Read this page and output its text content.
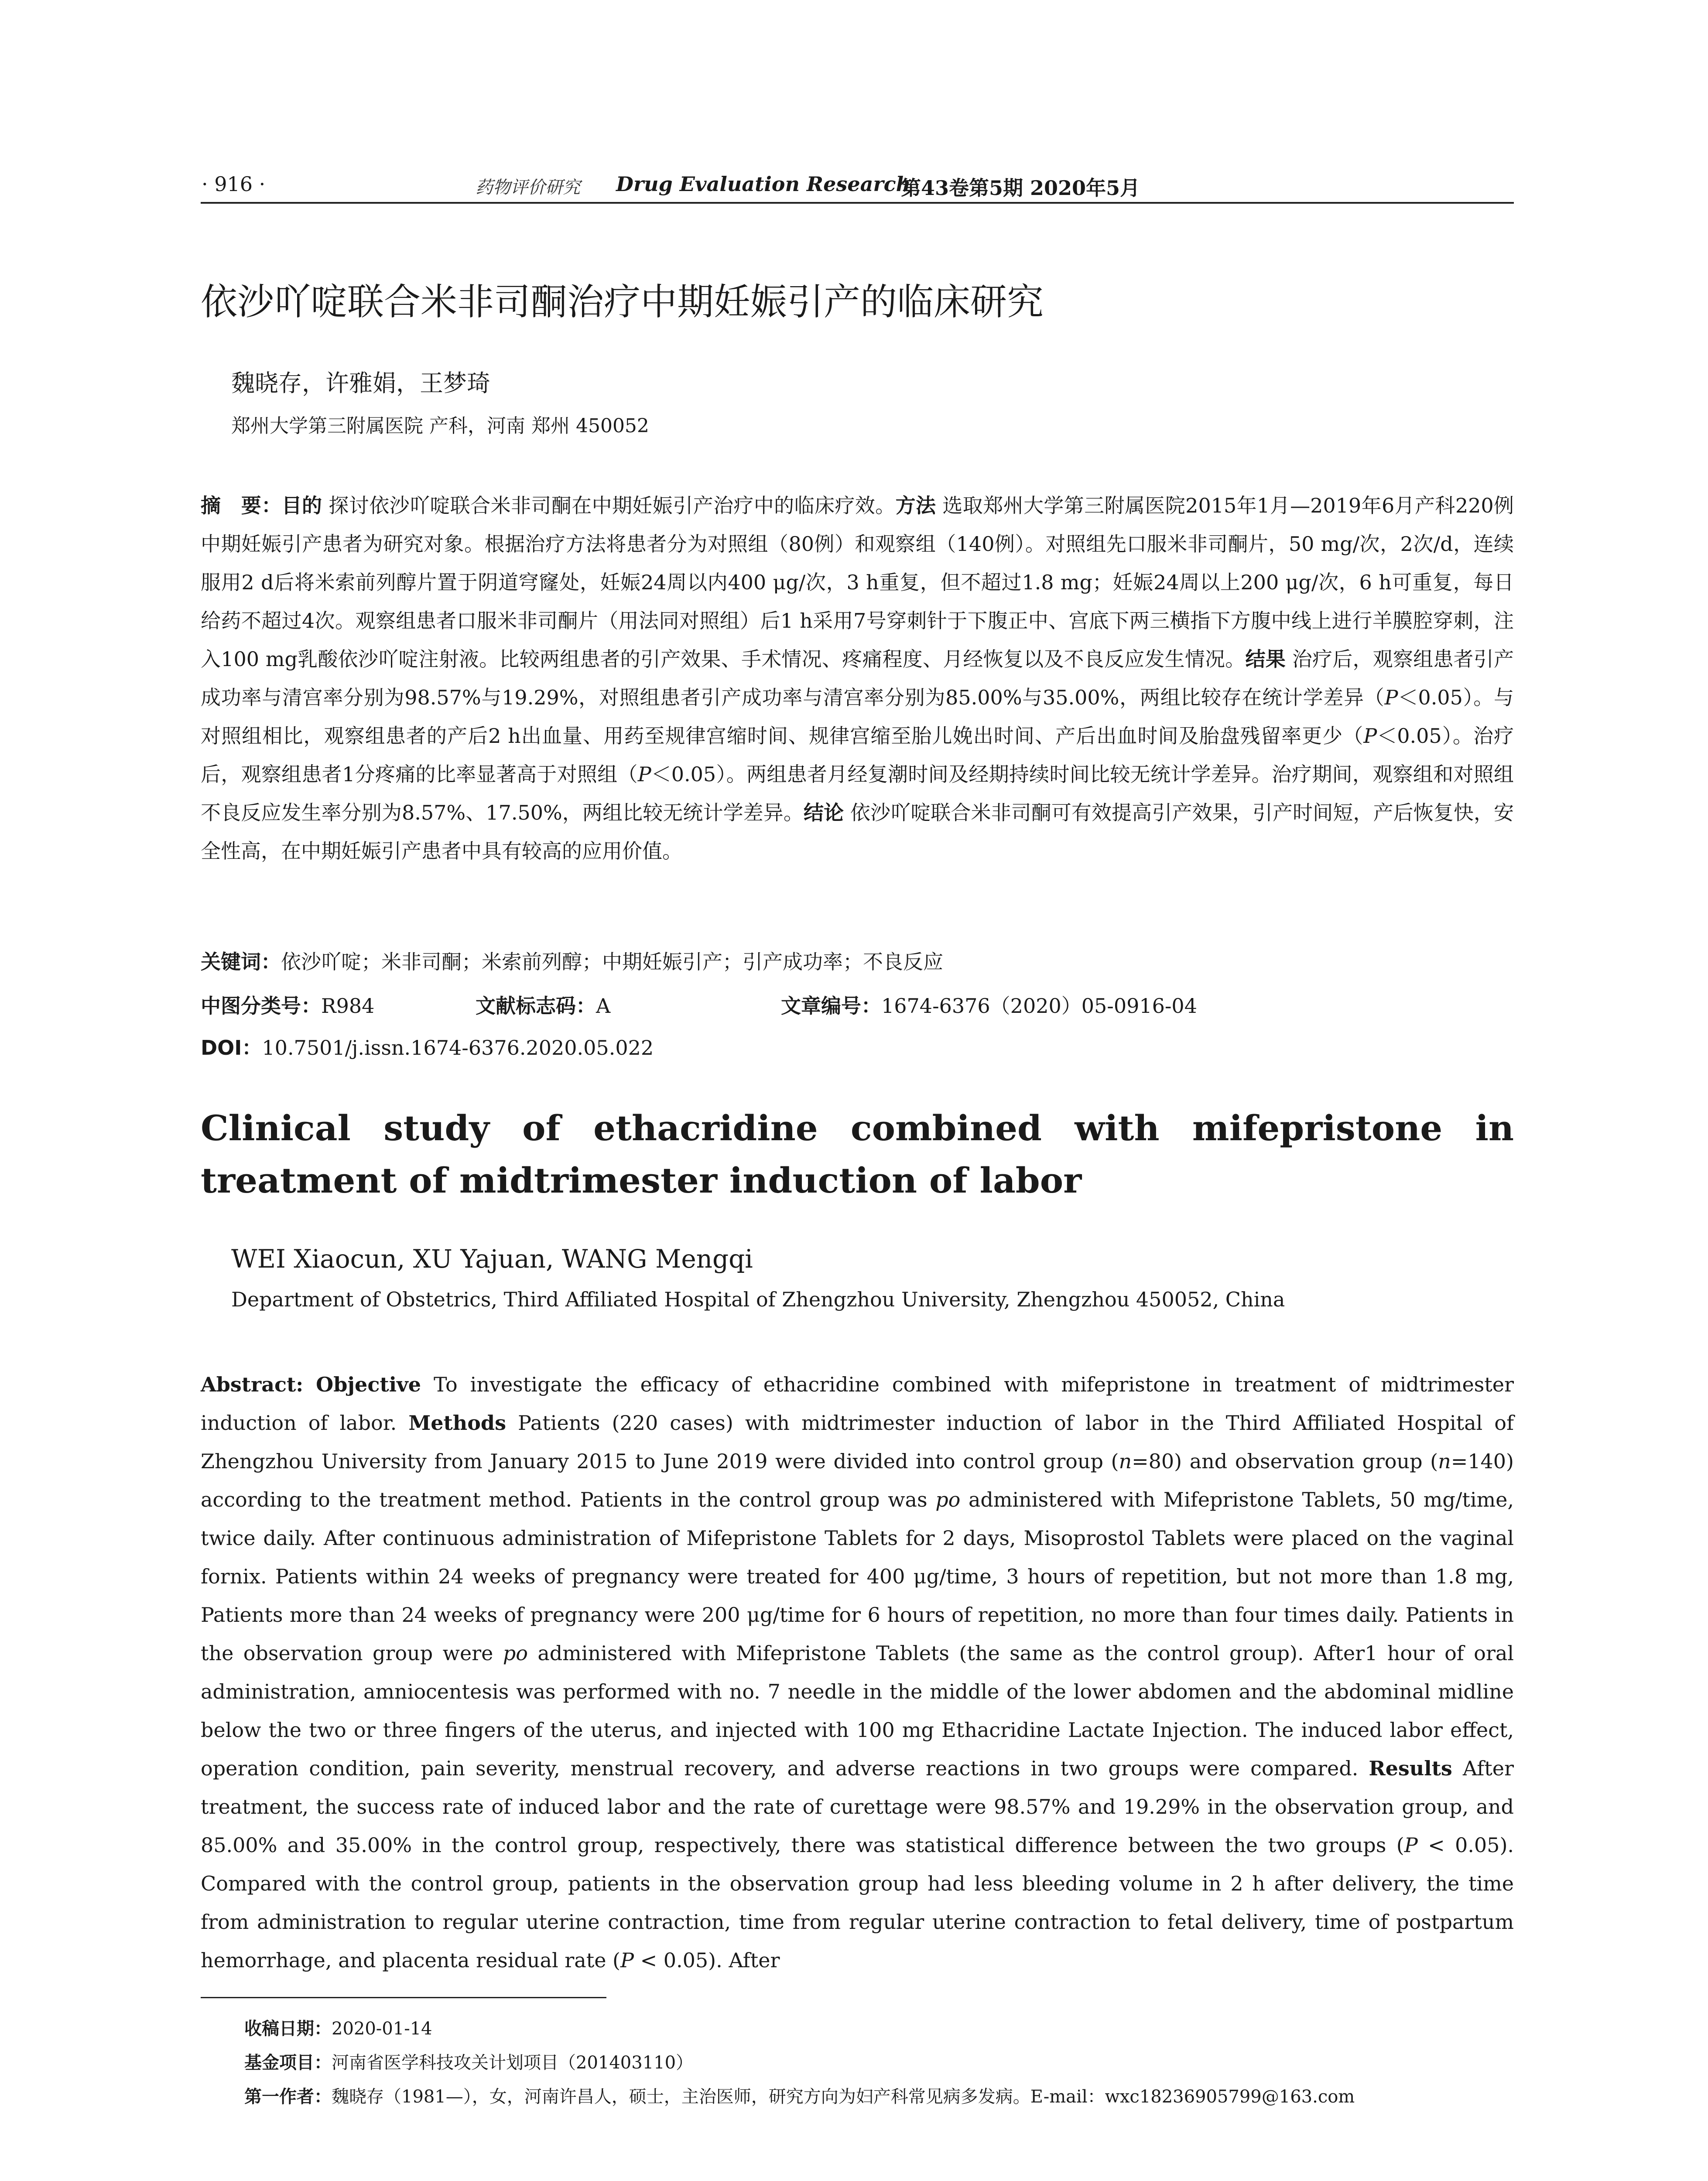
· 916 ·	药物评价研究 Drug Evaluation Research
第43卷第5期 2020年5月
依沙吖啶联合米非司酮治疗中期妊娠引产的临床研究
魏晓存，许雅娟，王梦琦
郑州大学第三附属医院 产科，河南 郑州 450052
摘　要：目的 探讨依沙吖啶联合米非司酮在中期妊娠引产治疗中的临床疗效。方法 选取郑州大学第三附属医院2015年1月—2019年6月产科220例中期妊娠引产患者为研究对象。根据治疗方法将患者分为对照组（80例）和观察组（140例）。对照组先口服米非司酮片，50 mg/次，2次/d，连续服用2 d后将米索前列醇片置于阴道穹窿处，妊娠24周以内400 μg/次，3 h重复，但不超过1.8 mg；妊娠24周以上200 μg/次，6 h可重复，每日给药不超过4次。观察组患者口服米非司酮片（用法同对照组）后1 h采用7号穿刺针于下腹正中、宫底下两三横指下方腹中线上进行羊膜腔穿刺，注入100 mg乳酸依沙吖啶注射液。比较两组患者的引产效果、手术情况、疼痛程度、月经恢复以及不良反应发生情况。结果 治疗后，观察组患者引产成功率与清宫率分别为98.57%与19.29%，对照组患者引产成功率与清宫率分别为85.00%与35.00%，两组比较存在统计学差异（P＜0.05）。与对照组相比，观察组患者的产后2 h出血量、用药至规律宫缩时间、规律宫缩至胎儿娩出时间、产后出血时间及胎盘残留率更少（P＜0.05）。治疗后，观察组患者1分疼痛的比率显著高于对照组（P＜0.05）。两组患者月经复潮时间及经期持续时间比较无统计学差异。治疗期间，观察组和对照组不良反应发生率分别为8.57%、17.50%，两组比较无统计学差异。结论 依沙吖啶联合米非司酮可有效提高引产效果，引产时间短，产后恢复快，安全性高，在中期妊娠引产患者中具有较高的应用价值。
关键词：依沙吖啶；米非司酮；米索前列醇；中期妊娠引产；引产成功率；不良反应
中图分类号：R984	文献标志码：A	文章编号：1674-6376（2020）05-0916-04
DOI：10.7501/j.issn.1674-6376.2020.05.022
Clinical study of ethacridine combined with mifepristone in treatment of midtrimester induction of labor
WEI Xiaocun, XU Yajuan, WANG Mengqi
Department of Obstetrics, Third Affiliated Hospital of Zhengzhou University, Zhengzhou 450052, China
Abstract: Objective To investigate the efficacy of ethacridine combined with mifepristone in treatment of midtrimester induction of labor. Methods Patients (220 cases) with midtrimester induction of labor in the Third Affiliated Hospital of Zhengzhou University from January 2015 to June 2019 were divided into control group (n=80) and observation group (n=140) according to the treatment method. Patients in the control group was po administered with Mifepristone Tablets, 50 mg/time, twice daily. After continuous administration of Mifepristone Tablets for 2 days, Misoprostol Tablets were placed on the vaginal fornix. Patients within 24 weeks of pregnancy were treated for 400 μg/time, 3 hours of repetition, but not more than 1.8 mg, Patients more than 24 weeks of pregnancy were 200 μg/time for 6 hours of repetition, no more than four times daily. Patients in the observation group were po administered with Mifepristone Tablets (the same as the control group). After1 hour of oral administration, amniocentesis was performed with no. 7 needle in the middle of the lower abdomen and the abdominal midline below the two or three fingers of the uterus, and injected with 100 mg Ethacridine Lactate Injection. The induced labor effect, operation condition, pain severity, menstrual recovery, and adverse reactions in two groups were compared. Results After treatment, the success rate of induced labor and the rate of curettage were 98.57% and 19.29% in the observation group, and 85.00% and 35.00% in the control group, respectively, there was statistical difference between the two groups (P < 0.05). Compared with the control group, patients in the observation group had less bleeding volume in 2 h after delivery, the time from administration to regular uterine contraction, time from regular uterine contraction to fetal delivery, time of postpartum hemorrhage, and placenta residual rate (P < 0.05). After
收稿日期：2020-01-14
基金项目：河南省医学科技攻关计划项目（201403110）
第一作者：魏晓存（1981—），女，河南许昌人，硕士，主治医师，研究方向为妇产科常见病多发病。E-mail：wxc18236905799@163.com
